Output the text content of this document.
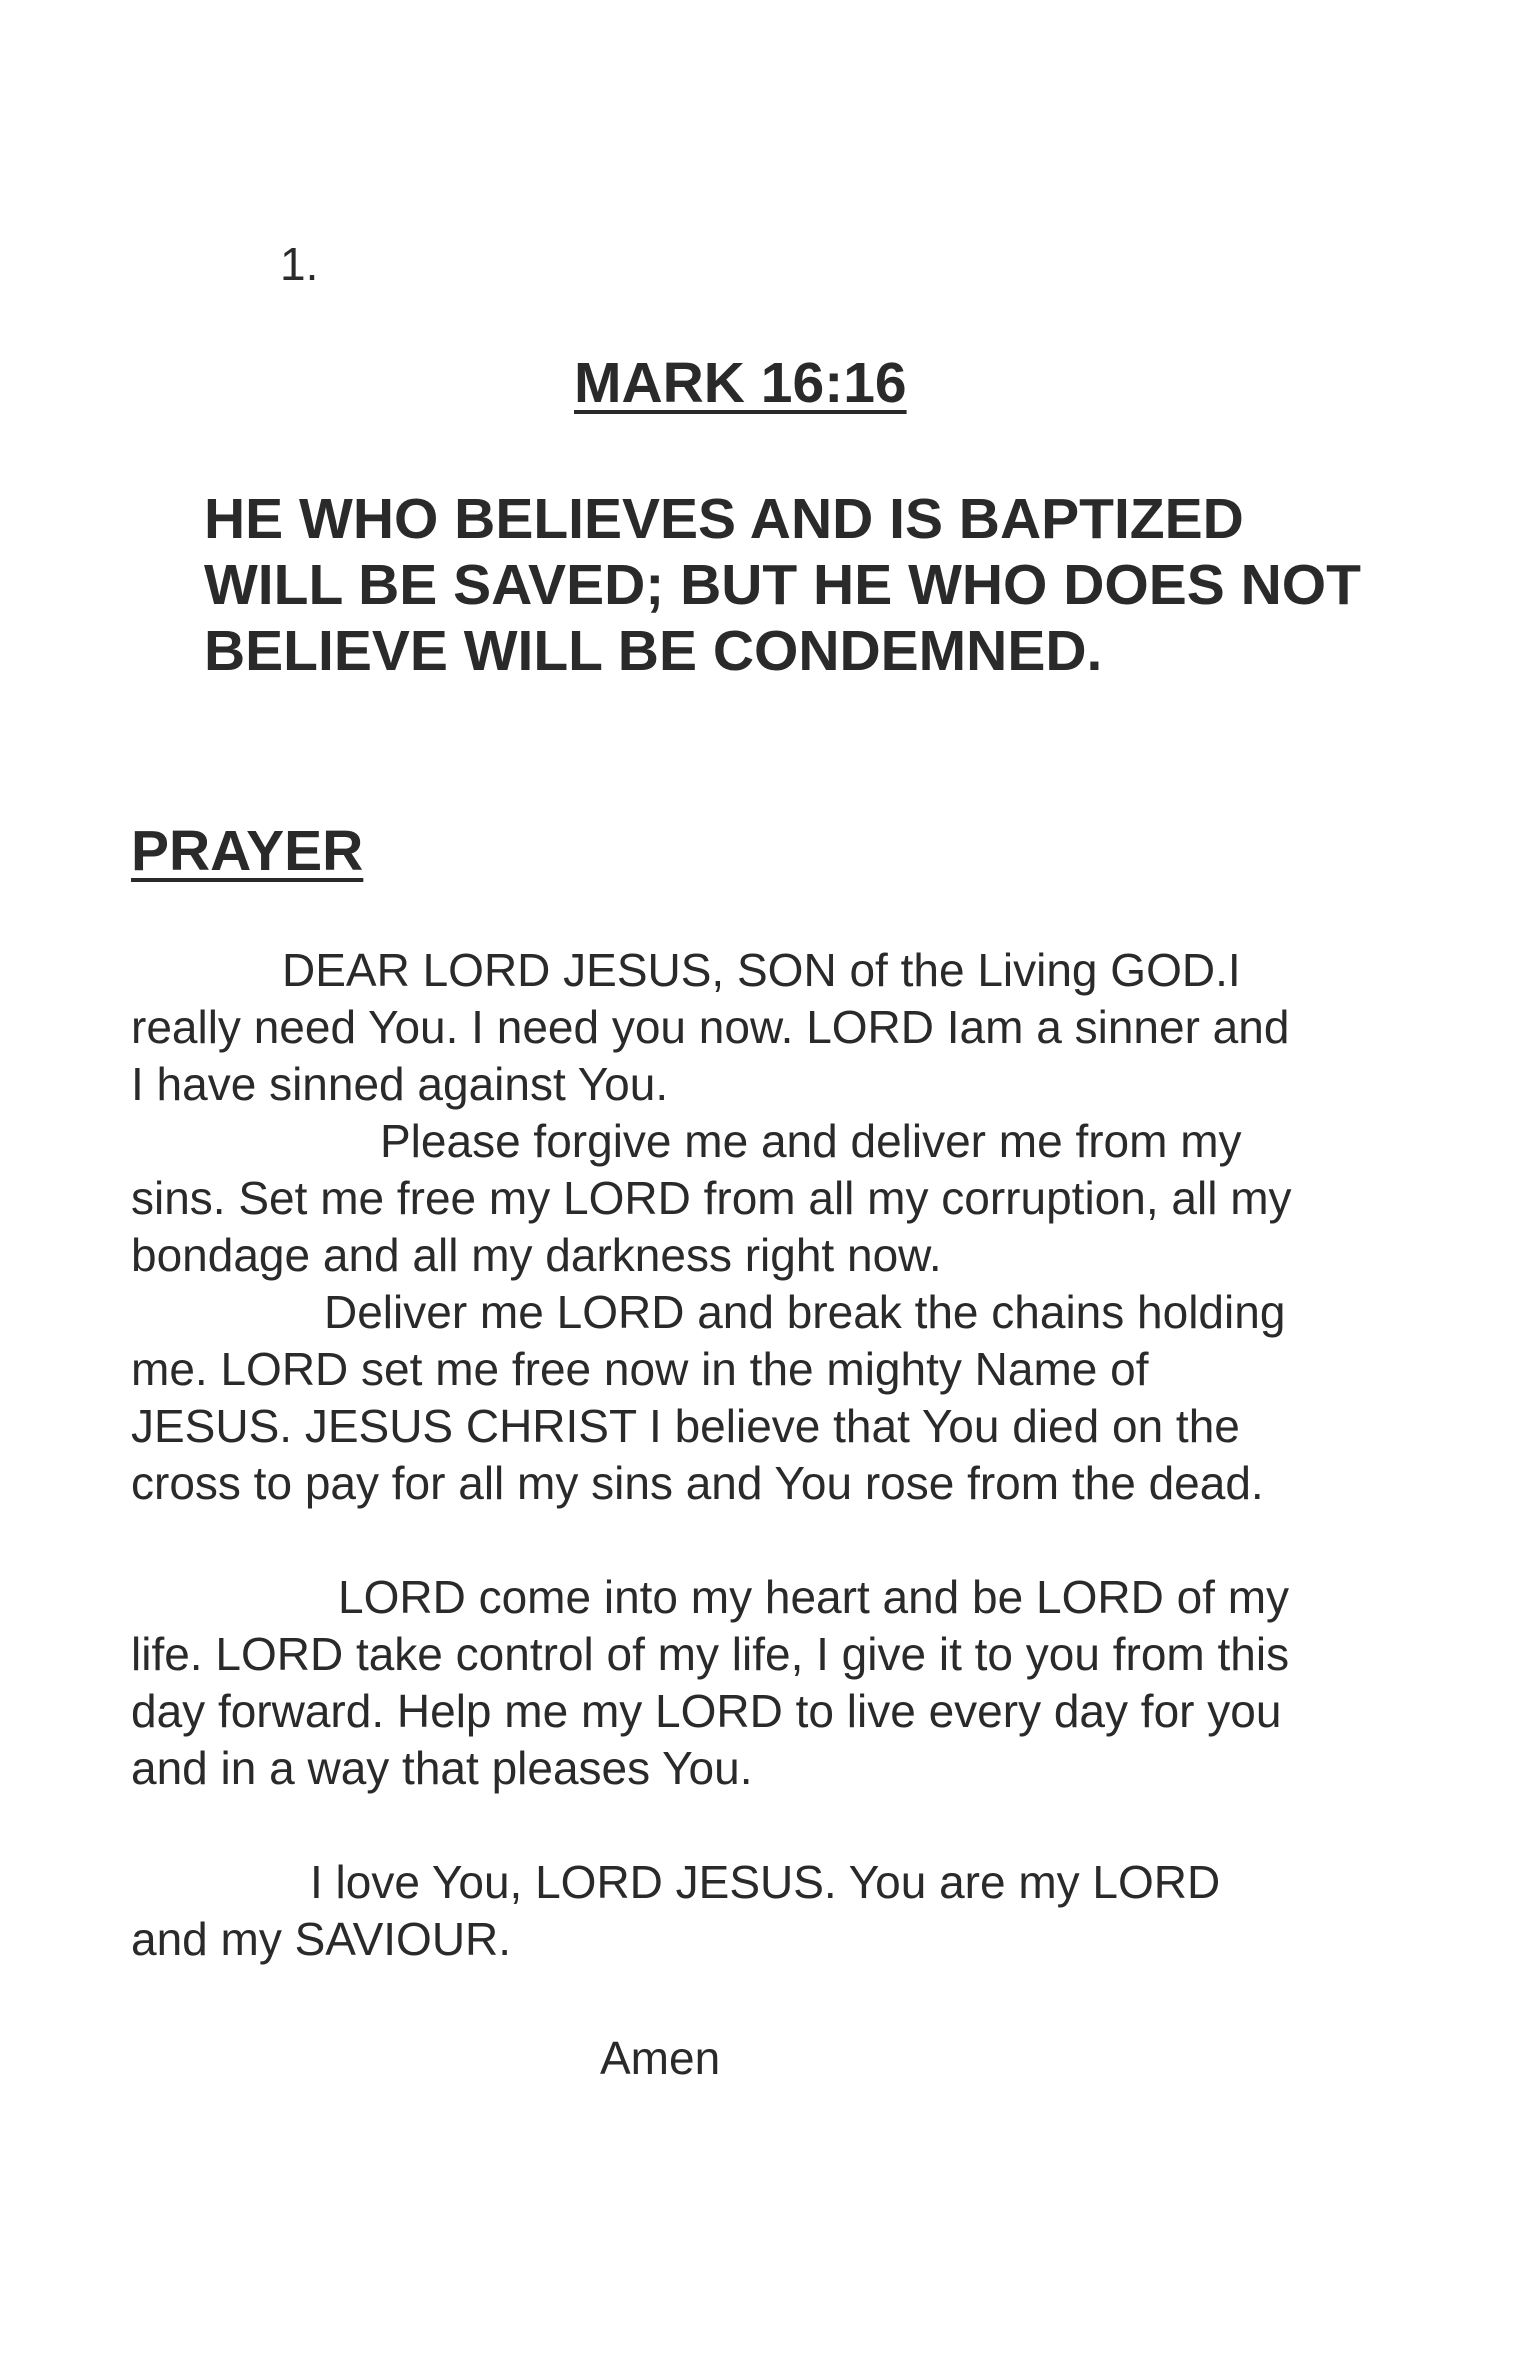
1.

MARK 16:16
HE WHO BELIEVES AND IS BAPTIZED
WILL BE SAVED; BUT HE WHO DOES NOT
BELIEVE WILL BE CONDEMNED.
PRAYER

DEAR LORD JESUS, SON of the Living GOD.I

really need You. I need you now. LORD Iam a sinner and

I have sinned against You.

Please forgive me and deliver me from my

sins. Set me free my LORD from all my corruption, all my

bondage and all my darkness right now.

Deliver me LORD and break the chains holding

me. LORD set me free now in the mighty Name of

JESUS. JESUS CHRIST I believe that You died on the

cross to pay for all my sins and You rose from the dead.

LORD come into my heart and be LORD of my

life. LORD take control of my life, I give it to you from this

day forward. Help me my LORD to live every day for you

and in a way that pleases You.

I love You, LORD JESUS. You are my LORD

and my SAVIOUR.

Amen
